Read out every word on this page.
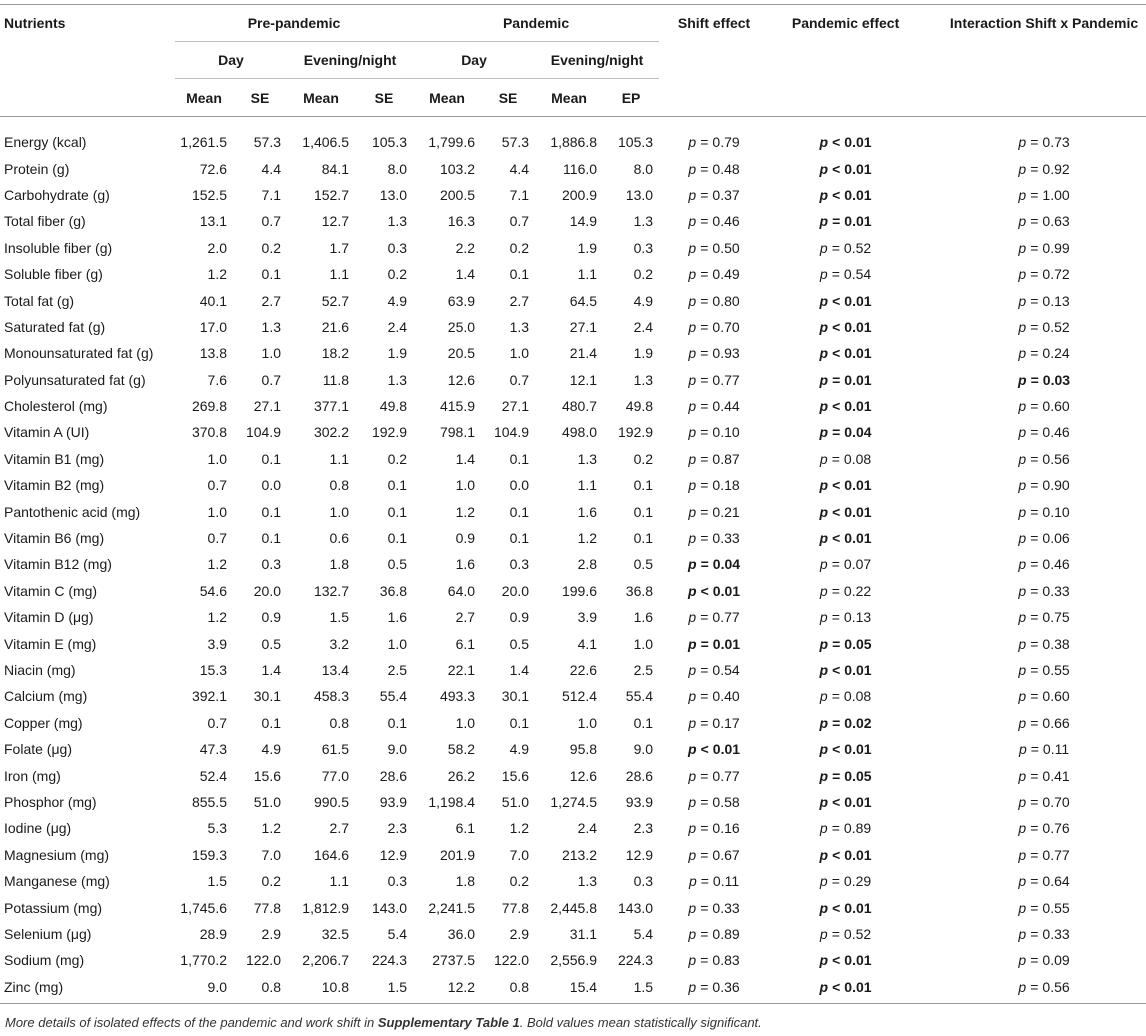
Nutrients	Pre-pandemic				Pandemic				Shift effect	Pandemic effect	Interaction Shift x Pandemic
	Day		Evening/night		Day		Evening/night				
	Mean	SE	Mean	SE	Mean	SE	Mean	EP			

Energy (kcal)	1,261.5	57.3	1,406.5	105.3	1,799.6	57.3	1,886.8	105.3	p = 0.79	p < 0.01	p = 0.73
Protein (g)	72.6	4.4	84.1	8.0	103.2	4.4	116.0	8.0	p = 0.48	p < 0.01	p = 0.92
Carbohydrate (g)	152.5	7.1	152.7	13.0	200.5	7.1	200.9	13.0	p = 0.37	p < 0.01	p = 1.00
Total fiber (g)	13.1	0.7	12.7	1.3	16.3	0.7	14.9	1.3	p = 0.46	p = 0.01	p = 0.63
Insoluble fiber (g)	2.0	0.2	1.7	0.3	2.2	0.2	1.9	0.3	p = 0.50	p = 0.52	p = 0.99
Soluble fiber (g)	1.2	0.1	1.1	0.2	1.4	0.1	1.1	0.2	p = 0.49	p = 0.54	p = 0.72
Total fat (g)	40.1	2.7	52.7	4.9	63.9	2.7	64.5	4.9	p = 0.80	p < 0.01	p = 0.13
Saturated fat (g)	17.0	1.3	21.6	2.4	25.0	1.3	27.1	2.4	p = 0.70	p < 0.01	p = 0.52
Monounsaturated fat (g)	13.8	1.0	18.2	1.9	20.5	1.0	21.4	1.9	p = 0.93	p < 0.01	p = 0.24
Polyunsaturated fat (g)	7.6	0.7	11.8	1.3	12.6	0.7	12.1	1.3	p = 0.77	p = 0.01	p = 0.03
Cholesterol (mg)	269.8	27.1	377.1	49.8	415.9	27.1	480.7	49.8	p = 0.44	p < 0.01	p = 0.60
Vitamin A (UI)	370.8	104.9	302.2	192.9	798.1	104.9	498.0	192.9	p = 0.10	p = 0.04	p = 0.46
Vitamin B1 (mg)	1.0	0.1	1.1	0.2	1.4	0.1	1.3	0.2	p = 0.87	p = 0.08	p = 0.56
Vitamin B2 (mg)	0.7	0.0	0.8	0.1	1.0	0.0	1.1	0.1	p = 0.18	p < 0.01	p = 0.90
Pantothenic acid (mg)	1.0	0.1	1.0	0.1	1.2	0.1	1.6	0.1	p = 0.21	p < 0.01	p = 0.10
Vitamin B6 (mg)	0.7	0.1	0.6	0.1	0.9	0.1	1.2	0.1	p = 0.33	p < 0.01	p = 0.06
Vitamin B12 (mg)	1.2	0.3	1.8	0.5	1.6	0.3	2.8	0.5	p = 0.04	p = 0.07	p = 0.46
Vitamin C (mg)	54.6	20.0	132.7	36.8	64.0	20.0	199.6	36.8	p < 0.01	p = 0.22	p = 0.33
Vitamin D (μg)	1.2	0.9	1.5	1.6	2.7	0.9	3.9	1.6	p = 0.77	p = 0.13	p = 0.75
Vitamin E (mg)	3.9	0.5	3.2	1.0	6.1	0.5	4.1	1.0	p = 0.01	p = 0.05	p = 0.38
Niacin (mg)	15.3	1.4	13.4	2.5	22.1	1.4	22.6	2.5	p = 0.54	p < 0.01	p = 0.55
Calcium (mg)	392.1	30.1	458.3	55.4	493.3	30.1	512.4	55.4	p = 0.40	p = 0.08	p = 0.60
Copper (mg)	0.7	0.1	0.8	0.1	1.0	0.1	1.0	0.1	p = 0.17	p = 0.02	p = 0.66
Folate (μg)	47.3	4.9	61.5	9.0	58.2	4.9	95.8	9.0	p < 0.01	p < 0.01	p = 0.11
Iron (mg)	52.4	15.6	77.0	28.6	26.2	15.6	12.6	28.6	p = 0.77	p = 0.05	p = 0.41
Phosphor (mg)	855.5	51.0	990.5	93.9	1,198.4	51.0	1,274.5	93.9	p = 0.58	p < 0.01	p = 0.70
Iodine (μg)	5.3	1.2	2.7	2.3	6.1	1.2	2.4	2.3	p = 0.16	p = 0.89	p = 0.76
Magnesium (mg)	159.3	7.0	164.6	12.9	201.9	7.0	213.2	12.9	p = 0.67	p < 0.01	p = 0.77
Manganese (mg)	1.5	0.2	1.1	0.3	1.8	0.2	1.3	0.3	p = 0.11	p = 0.29	p = 0.64
Potassium (mg)	1,745.6	77.8	1,812.9	143.0	2,241.5	77.8	2,445.8	143.0	p = 0.33	p < 0.01	p = 0.55
Selenium (μg)	28.9	2.9	32.5	5.4	36.0	2.9	31.1	5.4	p = 0.89	p = 0.52	p = 0.33
Sodium (mg)	1,770.2	122.0	2,206.7	224.3	2737.5	122.0	2,556.9	224.3	p = 0.83	p < 0.01	p = 0.09
Zinc (mg)	9.0	0.8	10.8	1.5	12.2	0.8	15.4	1.5	p = 0.36	p < 0.01	p = 0.56
More details of isolated effects of the pandemic and work shift in Supplementary Table 1. Bold values mean statistically significant.
